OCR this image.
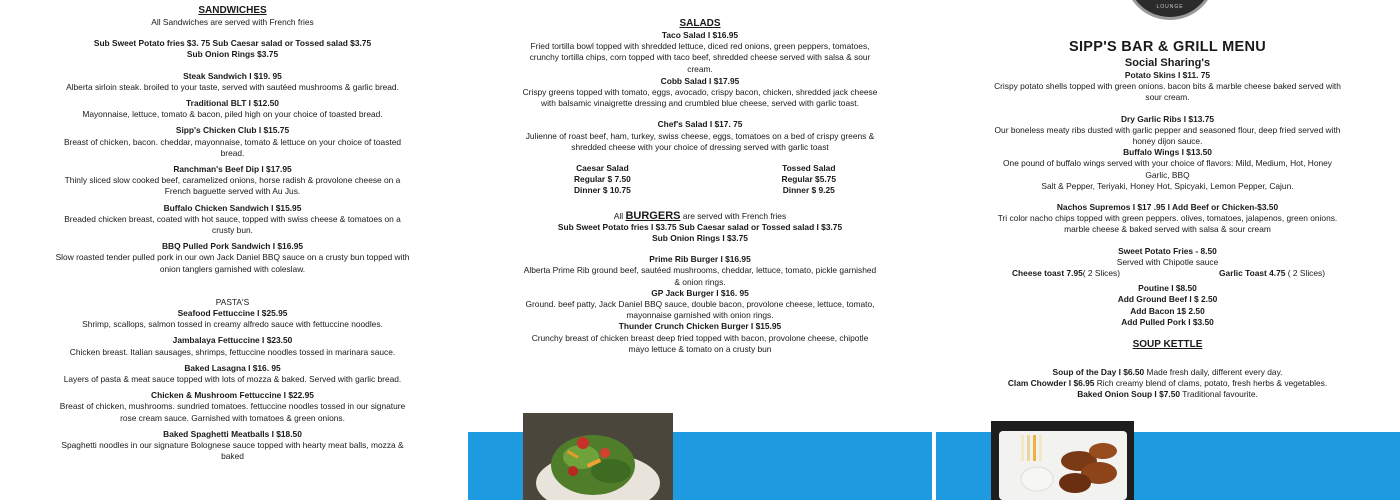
SANDWICHES
All Sandwiches are served with French fries
Sub Sweet Potato fries $3. 75 Sub Caesar salad or Tossed salad $3.75
Sub Onion Rings $3.75
Steak Sandwich I $19. 95
Alberta sirloin steak. broiled to your taste, served with sautéed mushrooms & garlic bread.
Traditional BLT I $12.50
Mayonnaise, lettuce, tomato & bacon, piled high on your choice of toasted bread.
Sipp's Chicken Club I $15.75
Breast of chicken, bacon. cheddar, mayonnaise, tomato & lettuce on your choice of toasted bread.
Ranchman's Beef Dip I $17.95
Thinly sliced slow cooked beef, caramelized onions, horse radish & provolone cheese on a French baguette served with Au Jus.
Buffalo Chicken Sandwich I $15.95
Breaded chicken breast, coated with hot sauce, topped with swiss cheese & tomatoes on a crusty bun.
BBQ Pulled Pork Sandwich I $16.95
Slow roasted tender pulled pork in our own Jack Daniel BBQ sauce on a crusty bun topped with onion tanglers garnished with coleslaw.
PASTA'S
Seafood Fettuccine I $25.95
Shrimp, scallops, salmon tossed in creamy alfredo sauce with fettuccine noodles.
Jambalaya Fettuccine I $23.50
Chicken breast. Italian sausages, shrimps, fettuccine noodles tossed in marinara sauce.
Baked Lasagna I $16. 95
Layers of pasta & meat sauce topped with lots of mozza & baked. Served with garlic bread.
Chicken & Mushroom Fettuccine I $22.95
Breast of chicken, mushrooms. sundried tomatoes. fettuccine noodles tossed in our signature rose cream sauce. Garnished with tomatoes & green onions.
Baked Spaghetti Meatballs I $18.50
Spaghetti noodles in our signature Bolognese sauce topped with hearty meat balls, mozza & baked
SALADS
Taco Salad I $16.95
Fried tortilla bowl topped with shredded lettuce, diced red onions, green peppers, tomatoes, crunchy tortilla chips, corn topped with taco beef, shredded cheese served with salsa & sour cream.
Cobb Salad I $17.95
Crispy greens topped with tomato, eggs, avocado, crispy bacon, chicken, shredded jack cheese with balsamic vinaigrette dressing and crumbled blue cheese, served with garlic toast.
Chef's Salad I $17. 75
Julienne of roast beef, ham, turkey, swiss cheese, eggs, tomatoes on a bed of crispy greens & shredded cheese with your choice of dressing served with garlic toast
Caesar Salad
Regular $ 7.50
Dinner $ 10.75
Tossed Salad
Regular $5.75
Dinner $ 9.25
All BURGERS are served with French fries
Sub Sweet Potato fries I $3.75 Sub Caesar salad or Tossed salad I $3.75
Sub Onion Rings I $3.75
Prime Rib Burger I $16.95
Alberta Prime Rib ground beef, sautéed mushrooms, cheddar, lettuce, tomato, pickle garnished & onion rings.
GP Jack Burger I $16. 95
Ground. beef patty, Jack Daniel BBQ sauce, double bacon, provolone cheese, lettuce, tomato, mayonnaise garnished with onion rings.
Thunder Crunch Chicken Burger I $15.95
Crunchy breast of chicken breast deep fried topped with bacon, provolone cheese, chipotle mayo lettuce & tomato on a crusty bun
LOUNGE
SIPP'S BAR & GRILL MENU
Social Sharing's
Potato Skins I $11. 75
Crispy potato shells topped with green onions. bacon bits & marble cheese baked served with sour cream.
Dry Garlic Ribs I $13.75
Our boneless meaty ribs dusted with garlic pepper and seasoned flour, deep fried served with honey dijon sauce.
Buffalo Wings I $13.50
One pound of buffalo wings served with your choice of flavors: Mild, Medium, Hot, Honey Garlic, BBQ
Salt & Pepper, Teriyaki, Honey Hot, Spicyaki, Lemon Pepper, Cajun.
Nachos Supremos I $17 .95 I Add Beef or Chicken-$3.50
Tri color nacho chips topped with green peppers. olives, tomatoes, jalapenos, green onions. marble cheese & baked served with salsa & sour cream
Sweet Potato Fries - 8.50
Served with Chipotle sauce
Cheese toast 7.95( 2 Slices)	Garlic Toast 4.75 ( 2 Slices)
Poutine I $8.50
Add Ground Beef I $ 2.50
Add Bacon 1$ 2.50
Add Pulled Pork I $3.50
SOUP KETTLE
Soup of the Day I $6.50 Made fresh daily, different every day.
Clam Chowder I $6.95 Rich creamy blend of clams, potato, fresh herbs & vegetables.
Baked Onion Soup I $7.50 Traditional favourite.
